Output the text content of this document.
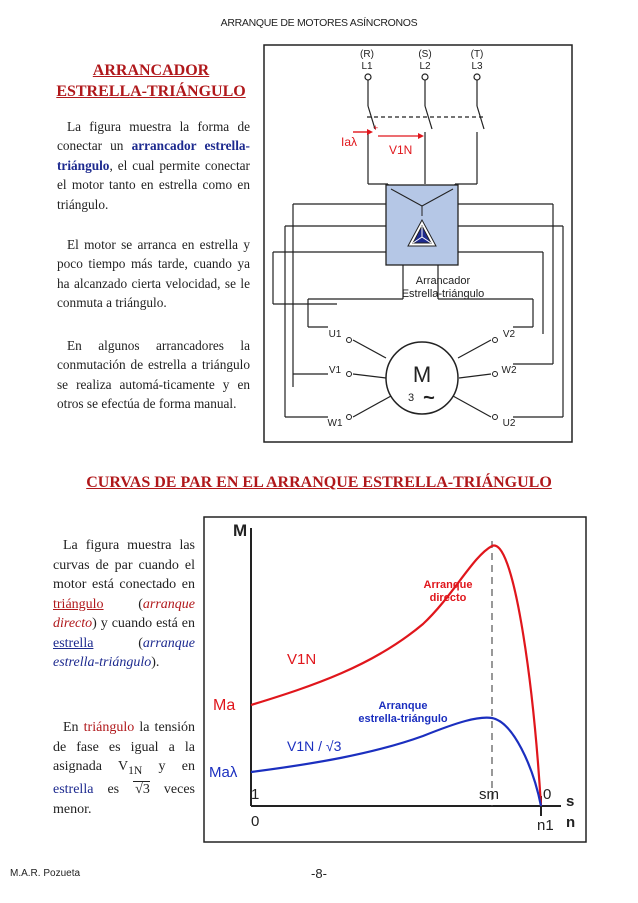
ARRANQUE DE MOTORES ASÍNCRONOS
ARRANCADOR
ESTRELLA-TRIÁNGULO
La figura muestra la forma de conectar un arrancador estrella-triángulo, el cual permite conectar el motor tanto en estrella como en triángulo.
El motor se arranca en estrella y poco tiempo más tarde, cuando ya ha alcanzado cierta velocidad, se le conmuta a triángulo.
En algunos arrancadores la conmutación de estrella a triángulo se realiza automá-ticamente y en otros se efectúa de forma manual.
(R)	(S)	(T)
L1	L2	L3
+
Iaλ
V1N
Arrancador
Estrella-triángulo
U1	V2
V1	W2
W1	U2
M
3 ~
CURVAS DE PAR EN EL ARRANQUE ESTRELLA-TRIÁNGULO
La figura muestra las curvas de par cuando el motor está conectado en triángulo (arranque directo) y cuando está en estrella (arranque estrella-triángulo).
En triángulo la tensión de fase es igual a la asignada $V_{1N}$ y en estrella es √3 veces menor.
M
s
n
Arranque
directo
Arranque
estrella-triángulo
V1N
V1N / √3
Ma
Maλ
1	sm	0
0	n1
M.A.R. Pozueta	-8-
